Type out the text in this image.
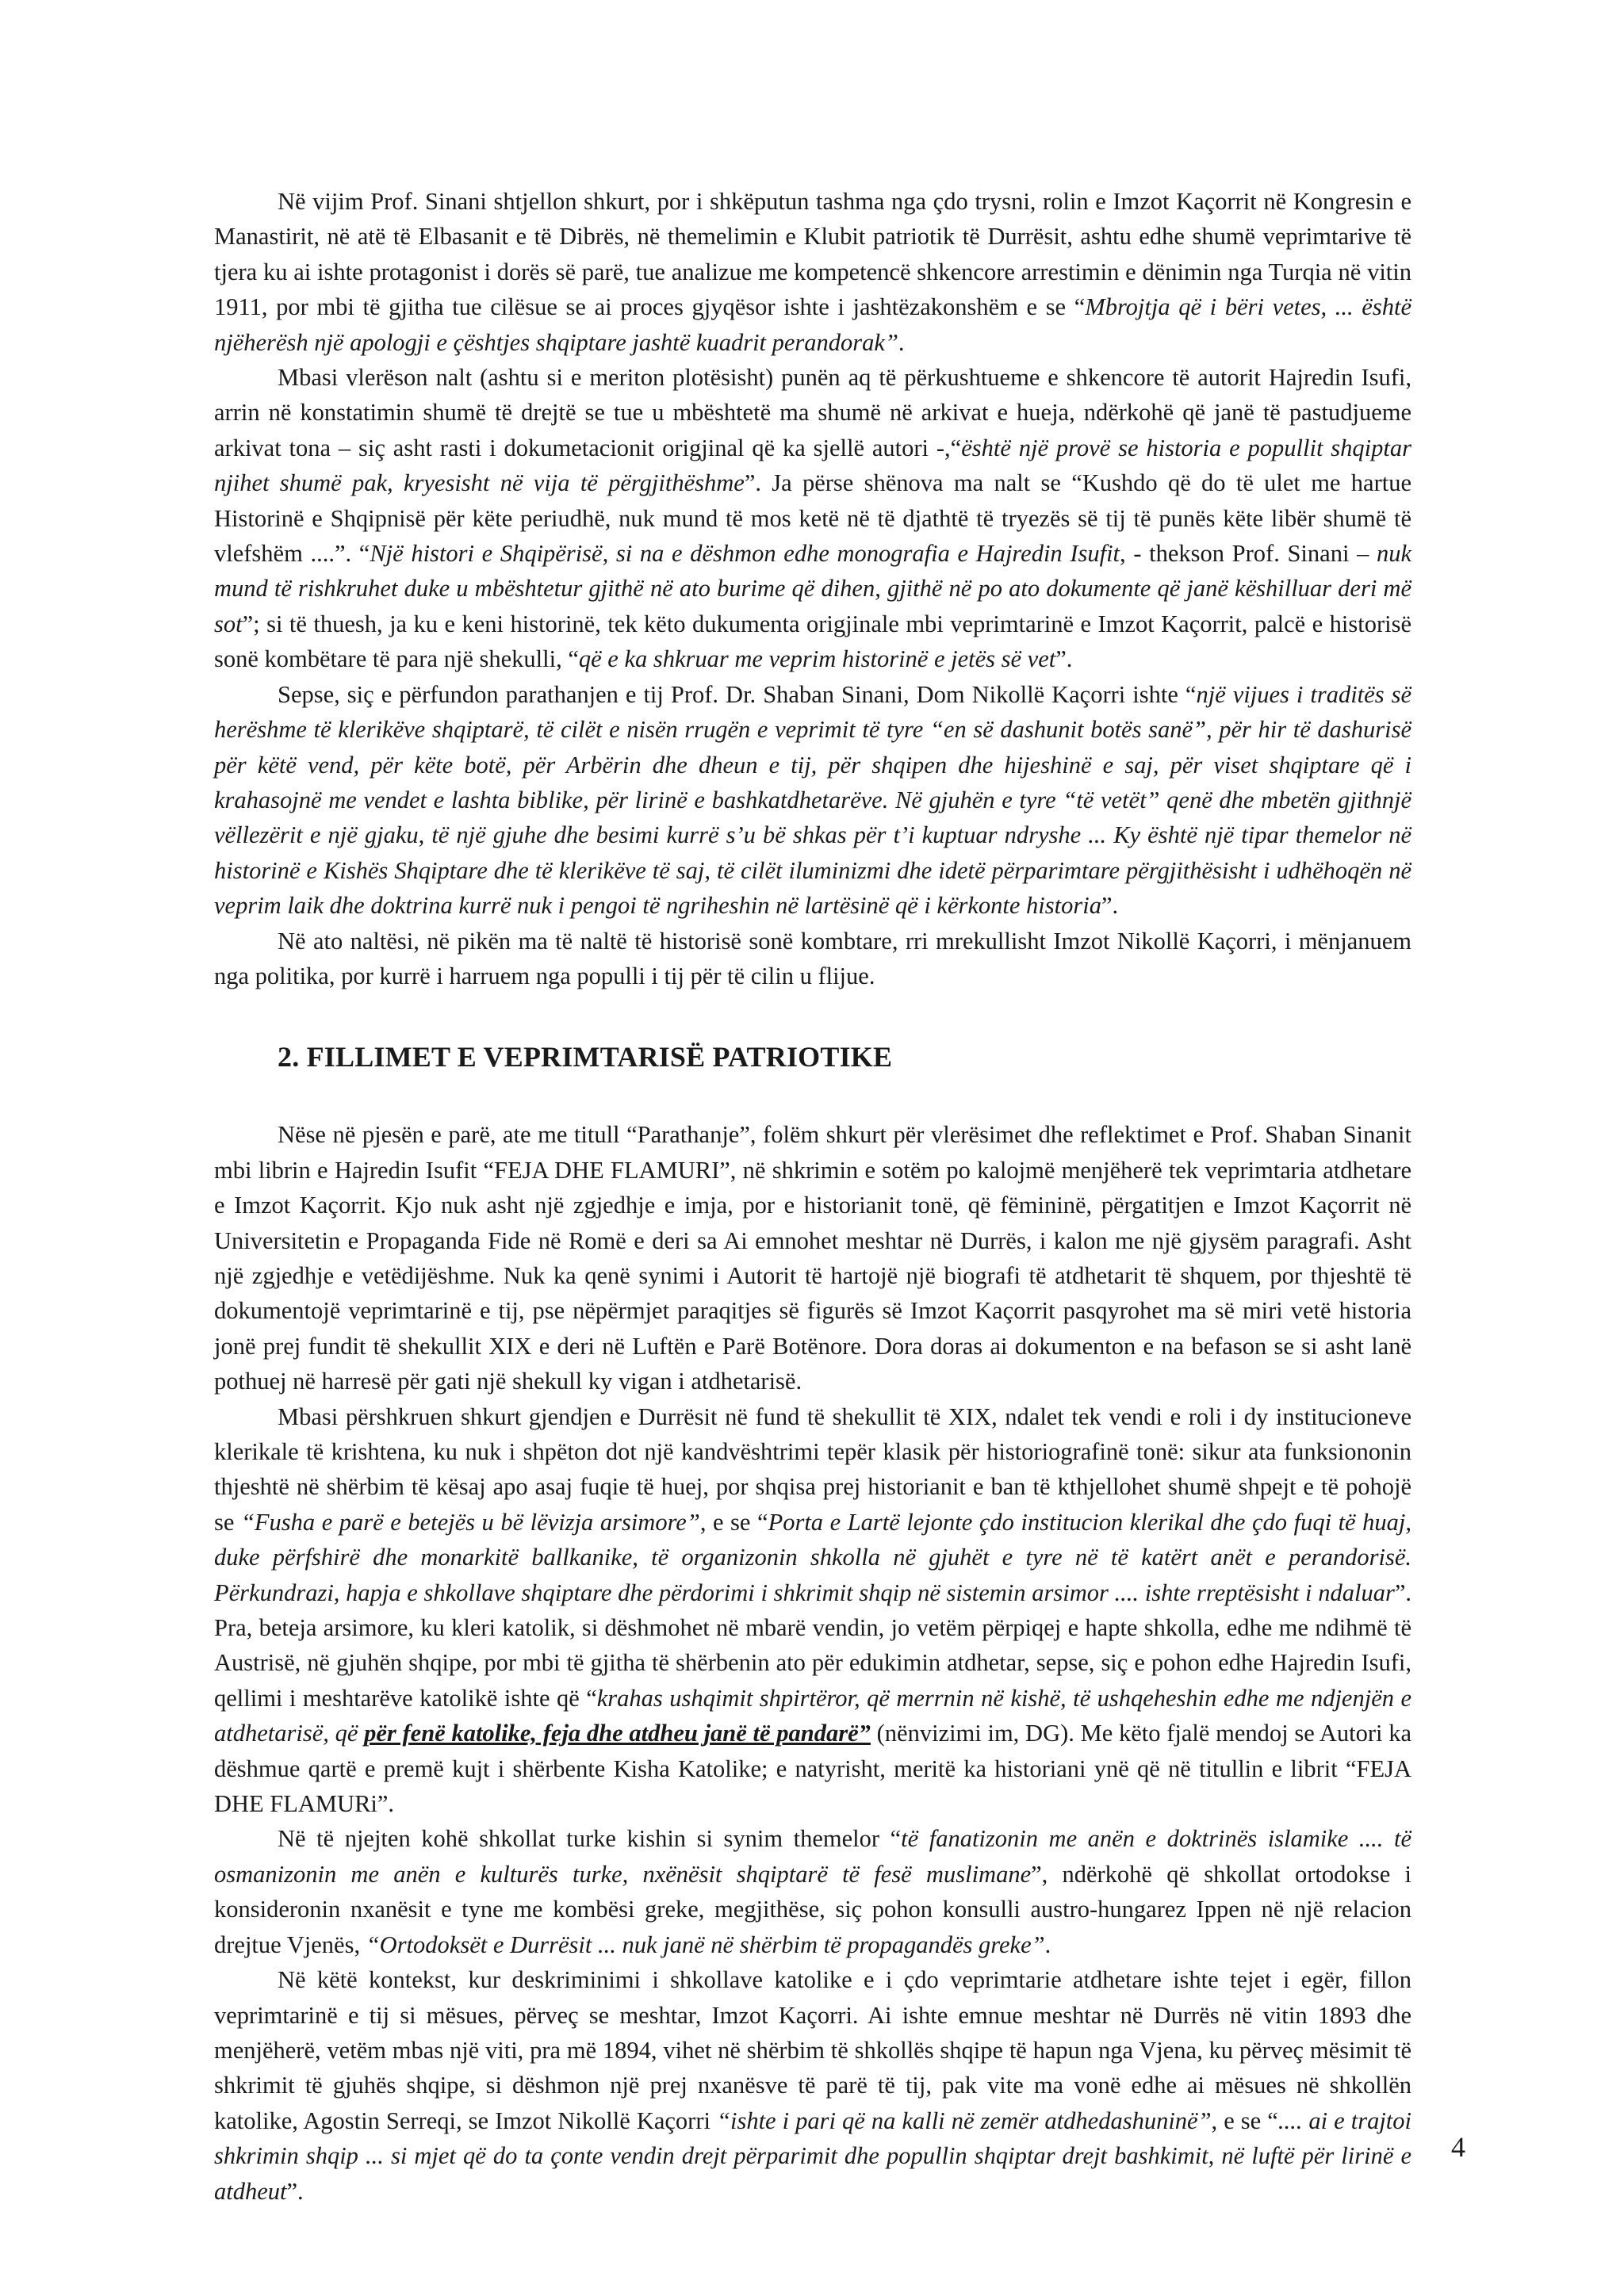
Në vijim Prof. Sinani shtjellon shkurt, por i shkëputun tashma nga çdo trysni, rolin e Imzot Kaçorrit në Kongresin e Manastirit, në atë të Elbasanit e të Dibrës, në themelimin e Klubit patriotik të Durrësit, ashtu edhe shumë veprimtarive të tjera ku ai ishte protagonist i dorës së parë, tue analizue me kompetencë shkencore arrestimin e dënimin nga Turqia në vitin 1911, por mbi të gjitha tue cilësue se ai proces gjyqësor ishte i jashtëzakonshëm e se “Mbrojtja që i bëri vetes, ... është njëherësh një apologji e çështjes shqiptare jashtë kuadrit perandorak”.

Mbasi vlerëson nalt (ashtu si e meriton plotësisht) punën aq të përkushtueme e shkencore të autorit Hajredin Isufi, arrin në konstatimin shumë të drejtë se tue u mbështetë ma shumë në arkivat e hueja, ndërkohë që janë të pastudjueme arkivat tona – siç asht rasti i dokumetacionit origjinal që ka sjellë autori -,“është një provë se historia e popullit shqiptar njihet shumë pak, kryesisht në vija të përgjithëshme”. Ja përse shënova ma nalt se “Kushdo që do të ulet me hartue Historinë e Shqipnisë për këte periudhë, nuk mund të mos ketë në të djathtë të tryezës së tij të punës këte libër shumë të vlefshëm ....”. “Një histori e Shqipërisë, si na e dëshmon edhe monografia e Hajredin Isufit, - thekson Prof. Sinani – nuk mund të rishkruhet duke u mbështetur gjithë në ato burime që dihen, gjithë në po ato dokumente që janë këshilluar deri më sot”; si të thuesh, ja ku e keni historinë, tek këto dukumenta origjinale mbi veprimtarinë e Imzot Kaçorrit, palcë e historisë sonë kombëtare të para një shekulli, “që e ka shkruar me veprim historinë e jetës së vet”.

Sepse, siç e përfundon parathanjen e tij Prof. Dr. Shaban Sinani, Dom Nikollë Kaçorri ishte “një vijues i traditës së herëshme të klerikëve shqiptarë, të cilët e nisën rrugën e veprimit të tyre “en së dashunit botës sanë”, për hir të dashurisë për këtë vend, për këte botë, për Arbërin dhe dheun e tij, për shqipen dhe hijeshinë e saj, për viset shqiptare që i krahasojnë me vendet e lashta biblike, për lirinë e bashkatdhetarëve. Në gjuhën e tyre “të vetët” qenë dhe mbetën gjithnjë vëllezërit e një gjaku, të një gjuhe dhe besimi kurrë s’u bë shkas për t’i kuptuar ndryshe ... Ky është një tipar themelor në historinë e Kishës Shqiptare dhe të klerikëve të saj, të cilët iluminizmi dhe idetë përparimtare përgjithësisht i udhëhoqën në veprim laik dhe doktrina kurrë nuk i pengoi të ngriheshin në lartësinë që i kërkonte historia”.

Në ato naltësi, në pikën ma të naltë të historisë sonë kombtare, rri mrekullisht Imzot Nikollë Kaçorri, i mënjanuem nga politika, por kurrë i harruem nga populli i tij për të cilin u flijue.

2. FILLIMET E VEPRIMTARISË PATRIOTIKE

Nëse në pjesën e parë, ate me titull “Parathanje”, folëm shkurt për vlerësimet dhe reflektimet e Prof. Shaban Sinanit mbi librin e Hajredin Isufit “FEJA DHE FLAMURI”, në shkrimin e sotëm po kalojmë menjëherë tek veprimtaria atdhetare e Imzot Kaçorrit. Kjo nuk asht një zgjedhje e imja, por e historianit tonë, që fëmininë, përgatitjen e Imzot Kaçorrit në Universitetin e Propaganda Fide në Romë e deri sa Ai emnohet meshtar në Durrës, i kalon me një gjysëm paragrafi. Asht një zgjedhje e vetëdijëshme. Nuk ka qenë synimi i Autorit të hartojë një biografi të atdhetarit të shquem, por thjeshtë të dokumentojë veprimtarinë e tij, pse nëpërmjet paraqitjes së figurës së Imzot Kaçorrit pasqyrohet ma së miri vetë historia jonë prej fundit të shekullit XIX e deri në Luftën e Parë Botënore. Dora doras ai dokumenton e na befason se si asht lanë pothuej në harresë për gati një shekull ky vigan i atdhetarisë.

Mbasi përshkruen shkurt gjendjen e Durrësit në fund të shekullit të XIX, ndalet tek vendi e roli i dy institucioneve klerikale të krishtena, ku nuk i shpëton dot një kandvështrimi tepër klasik për historiografinë tonë: sikur ata funksiononin thjeshtë në shërbim të kësaj apo asaj fuqie të huej, por shqisa prej historianit e ban të kthjellohet shumë shpejt e të pohojë se “Fusha e parë e betejës u bë lëvizja arsimore”, e se “Porta e Lartë lejonte çdo institucion klerikal dhe çdo fuqi të huaj, duke përfshirë dhe monarkitë ballkanike, të organizonin shkolla në gjuhët e tyre në të katërt anët e perandorisë. Përkundrazi, hapja e shkollave shqiptare dhe përdorimi i shkrimit shqip në sistemin arsimor .... ishte rreptësisht i ndaluar”. Pra, beteja arsimore, ku kleri katolik, si dëshmohet në mbarë vendin, jo vetëm përpiqej e hapte shkolla, edhe me ndihmë të Austrisë, në gjuhën shqipe, por mbi të gjitha të shërbenin ato për edukimin atdhetar, sepse, siç e pohon edhe Hajredin Isufi, qellimi i meshtarëve katolikë ishte që “krahas ushqimit shpirtëror, që merrnin në kishë, të ushqeheshin edhe me ndjenjën e atdhetarisë, që për fenë katolike, feja dhe atdheu janë të pandarë” (nënvizimi im, DG). Me këto fjalë mendoj se Autori ka dëshmue qartë e premë kujt i shërbente Kisha Katolike; e natyrisht, meritë ka historiani ynë që në titullin e librit “FEJA DHE FLAMURi”.

Në të njejten kohë shkollat turke kishin si synim themelor “të fanatizonin me anën e doktrinës islamike .... të osmanizonin me anën e kulturës turke, nxënësit shqiptarë të fesë muslimane”, ndërkohë që shkollat ortodokse i konsideronin nxanësit e tyne me kombësi greke, megjithëse, siç pohon konsulli austro-hungarez Ippen në një relacion drejtue Vjenës, “Ortodoksët e Durrësit ... nuk janë në shërbim të propagandës greke”.

Në këtë kontekst, kur deskriminimi i shkollave katolike e i çdo veprimtarie atdhetare ishte tejet i egër, fillon veprimtarinë e tij si mësues, përveç se meshtar, Imzot Kaçorri. Ai ishte emnue meshtar në Durrës në vitin 1893 dhe menjëherë, vetëm mbas një viti, pra më 1894, vihet në shërbim të shkollës shqipe të hapun nga Vjena, ku përveç mësimit të shkrimit të gjuhës shqipe, si dëshmon një prej nxanësve të parë të tij, pak vite ma vonë edhe ai mësues në shkollën katolike, Agostin Serreqi, se Imzot Nikollë Kaçorri “ishte i pari që na kalli në zemër atdhedashuninë”, e se “.... ai e trajtoi shkrimin shqip ... si mjet që do ta çonte vendin drejt përparimit dhe popullin shqiptar drejt bashkimit, në luftë për lirinë e atdheut”.

4
